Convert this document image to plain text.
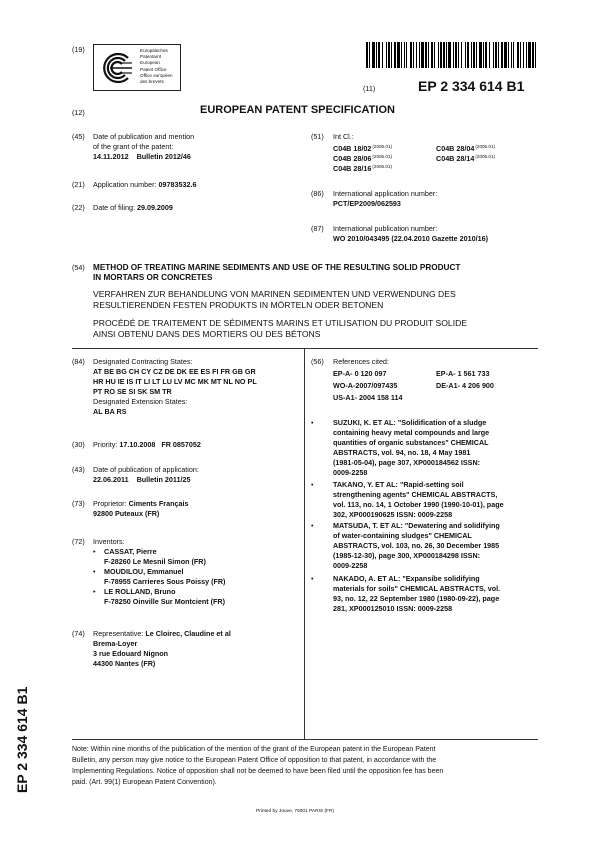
(19)	Europäisches
Patentamt
European
Patent Office
Office européen
des brevets
(11)	EP 2 334 614 B1
(12)	EUROPEAN PATENT SPECIFICATION
(45) Date of publication and mention
of the grant of the patent:
14.11.2012    Bulletin 2012/46
(21) Application number: 09783532.6
(22) Date of filing: 29.09.2009
(51) Int Cl.:
C04B $18/02^{(2006.01)}$	C04B $28/04^{(2006.01)}$
C04B $28/06^{(2006.01)}$	C04B $28/14^{(2006.01)}$
C04B $28/16^{(2006.01)}$
(86) International application number:
PCT/EP2009/062593
(87) International publication number:
WO 2010/043495 (22.04.2010 Gazette 2010/16)
(54) METHOD OF TREATING MARINE SEDIMENTS AND USE OF THE RESULTING SOLID PRODUCT
IN MORTARS OR CONCRETES
VERFAHREN ZUR BEHANDLUNG VON MARINEN SEDIMENTEN UND VERWENDUNG DES
RESULTIERENDEN FESTEN PRODUKTS IN MÖRTELN ODER BETONEN
PROCÉDÉ DE TRAITEMENT DE SÉDIMENTS MARINS ET UTILISATION DU PRODUIT SOLIDE
AINSI OBTENU DANS DES MORTIERS OU DES BÉTONS
(84) Designated Contracting States:
AT BE BG CH CY CZ DE DK EE ES FI FR GB GR
HR HU IE IS IT LI LT LU LV MC MK MT NL NO PL
PT RO SE SI SK SM TR
Designated Extension States:
AL BA RS
(30) Priority: 17.10.2008   FR 0857052
(43) Date of publication of application:
22.06.2011    Bulletin 2011/25
(73) Proprietor: Ciments Français
92800 Puteaux (FR)
(72) Inventors:
• CASSAT, Pierre
F-28260 Le Mesnil Simon (FR)
• MOUDILOU, Emmanuel
F-78955 Carrieres Sous Poissy (FR)
• LE ROLLAND, Bruno
F-78250 Oinville Sur Montcient (FR)
(74) Representative: Le Cloirec, Claudine et al
Brema-Loyer
3 rue Edouard Nignon
44300 Nantes (FR)
(56) References cited:
EP-A- 0 120 097	EP-A- 1 561 733
WO-A-2007/097435	DE-A1- 4 206 900
US-A1- 2004 158 114
•	SUZUKI, K. ET AL: "Solidification of a sludge
containing heavy metal compounds and large
quantities of organic substances" CHEMICAL
ABSTRACTS, vol. 94, no. 18, 4 May 1981
(1981-05-04), page 307, XP000184562 ISSN:
0009-2258
•	TAKANO, Y. ET AL: "Rapid-setting soil
strengthening agents" CHEMICAL ABSTRACTS,
vol. 113, no. 14, 1 October 1990 (1990-10-01), page
302, XP000190625 ISSN: 0009-2258
•	MATSUDA, T. ET AL: "Dewatering and solidifying
of water-containing sludges" CHEMICAL
ABSTRACTS, vol. 103, no. 26, 30 December 1985
(1985-12-30), page 300, XP000184298 ISSN:
0009-2258
•	NAKADO, A. ET AL: "Expansibe solidifying
materials for soils" CHEMICAL ABSTRACTS, vol.
93, no. 12, 22 September 1980 (1980-09-22), page
281, XP000125010 ISSN: 0009-2258
EP 2 334 614 B1	Note: Within nine months of the publication of the mention of the grant of the European patent in the European Patent
Bulletin, any person may give notice to the European Patent Office of opposition to that patent, in accordance with the
Implementing Regulations. Notice of opposition shall not be deemed to have been filed until the opposition fee has been
paid. (Art. 99(1) European Patent Convention).
Printed by Jouve, 75001 PARIS (FR)
